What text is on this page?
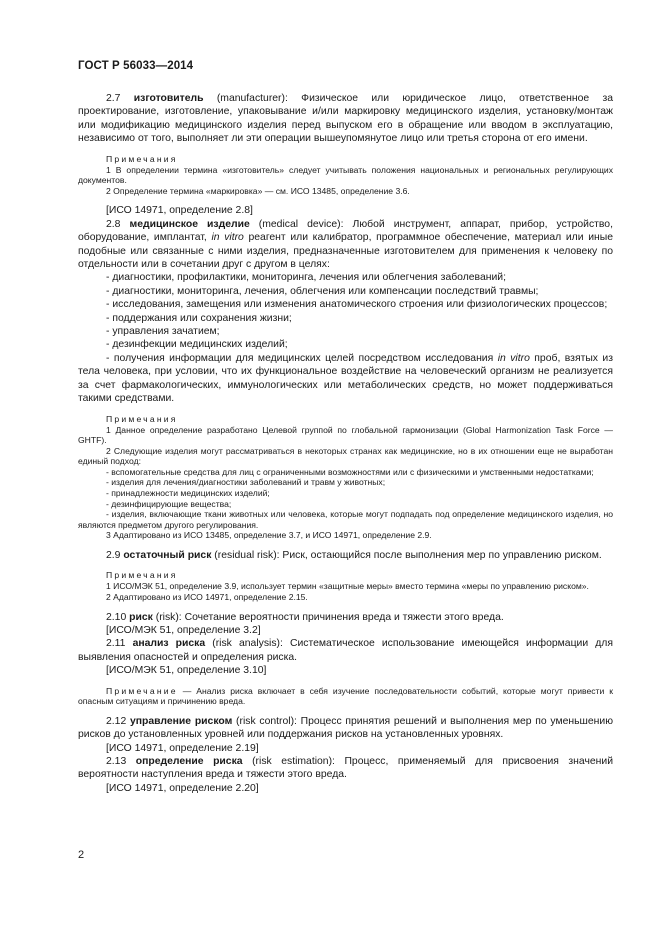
ГОСТ Р 56033—2014

2.7 изготовитель (manufacturer): Физическое или юридическое лицо, ответственное за проектирование, изготовление, упаковывание и/или маркировку медицинского изделия, установку/монтаж или модификацию медицинского изделия перед выпуском его в обращение или вводом в эксплуатацию, независимо от того, выполняет ли эти операции вышеупомянутое лицо или третья сторона от его имени.

Примечания

1 В определении термина «изготовитель» следует учитывать положения национальных и региональных регулирующих документов.

2 Определение термина «маркировка» — см. ИСО 13485, определение 3.6.

[ИСО 14971, определение 2.8]

2.8 медицинское изделие (medical device): Любой инструмент, аппарат, прибор, устройство, оборудование, имплантат, in vitro реагент или калибратор, программное обеспечение, материал или иные подобные или связанные с ними изделия, предназначенные изготовителем для применения к человеку по отдельности или в сочетании друг с другом в целях:

- диагностики, профилактики, мониторинга, лечения или облегчения заболеваний;

- диагностики, мониторинга, лечения, облегчения или компенсации последствий травмы;

- исследования, замещения или изменения анатомического строения или физиологических процессов;

- поддержания или сохранения жизни;

- управления зачатием;

- дезинфекции медицинских изделий;

- получения информации для медицинских целей посредством исследования in vitro проб, взятых из тела человека, при условии, что их функциональное воздействие на человеческий организм не реализуется за счет фармакологических, иммунологических или метаболических средств, но может поддерживаться такими средствами.

Примечания

1 Данное определение разработано Целевой группой по глобальной гармонизации (Global Harmonization Task Force — GHTF).

2 Следующие изделия могут рассматриваться в некоторых странах как медицинские, но в их отношении еще не выработан единый подход:

- вспомогательные средства для лиц с ограниченными возможностями или с физическими и умственными недостатками;

- изделия для лечения/диагностики заболеваний и травм у животных;

- принадлежности медицинских изделий;

- дезинфицирующие вещества;

- изделия, включающие ткани животных или человека, которые могут подпадать под определение медицинского изделия, но являются предметом другого регулирования.

3 Адаптировано из ИСО 13485, определение 3.7, и ИСО 14971, определение 2.9.

2.9 остаточный риск (residual risk): Риск, остающийся после выполнения мер по управлению риском.

Примечания

1 ИСО/МЭК 51, определение 3.9, использует термин «защитные меры» вместо термина «меры по управлению риском».

2 Адаптировано из ИСО 14971, определение 2.15.

2.10 риск (risk): Сочетание вероятности причинения вреда и тяжести этого вреда.

[ИСО/МЭК 51, определение 3.2]

2.11 анализ риска (risk analysis): Систематическое использование имеющейся информации для выявления опасностей и определения риска.

[ИСО/МЭК 51, определение 3.10]

Примечание — Анализ риска включает в себя изучение последовательности событий, которые могут привести к опасным ситуациям и причинению вреда.

2.12 управление риском (risk control): Процесс принятия решений и выполнения мер по уменьшению рисков до установленных уровней или поддержания рисков на установленных уровнях.

[ИСО 14971, определение 2.19]

2.13 определение риска (risk estimation): Процесс, применяемый для присвоения значений вероятности наступления вреда и тяжести этого вреда.

[ИСО 14971, определение 2.20]

2
